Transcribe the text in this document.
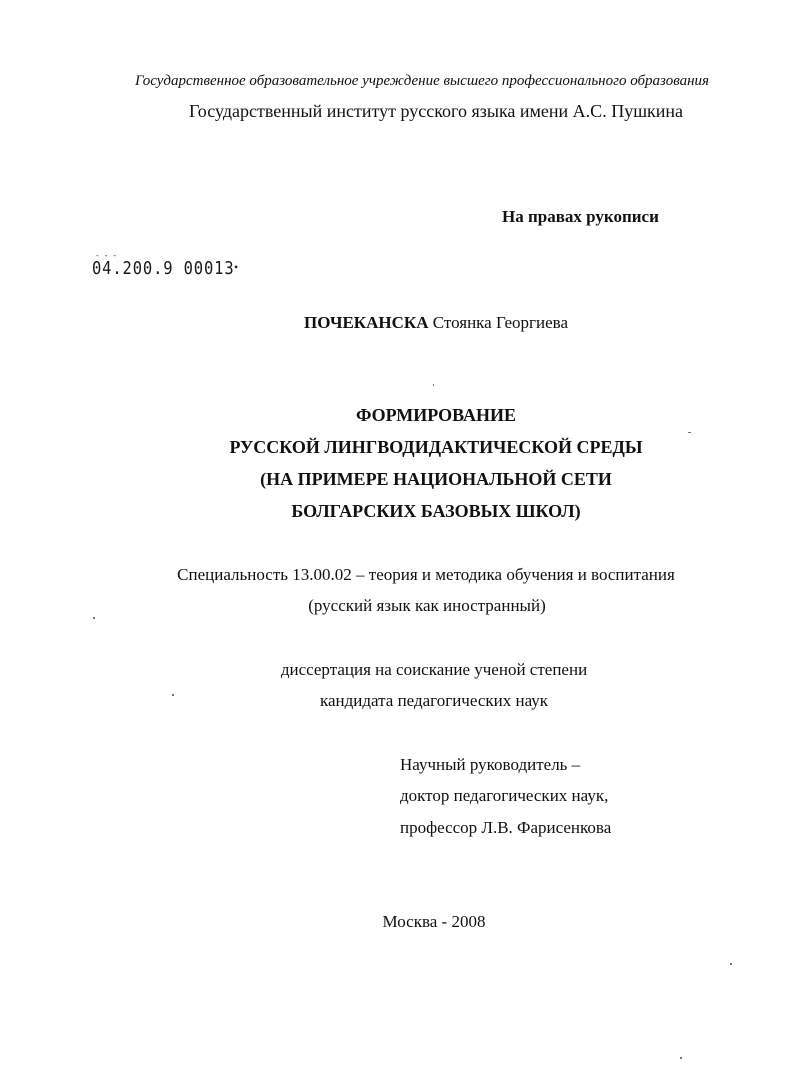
Государственное образовательное учреждение высшего профессионального образования
Государственный институт русского языка имени А.С. Пушкина
На правах рукописи
- - -
04.200.9 00013 •
ПОЧЕКАНСКА Стоянка Георгиева
ФОРМИРОВАНИЕ
РУССКОЙ ЛИНГВОДИДАКТИЧЕСКОЙ СРЕДЫ
(НА ПРИМЕРЕ НАЦИОНАЛЬНОЙ СЕТИ
БОЛГАРСКИХ БАЗОВЫХ ШКОЛ)
Специальность 13.00.02 – теория и методика обучения и воспитания
(русский язык как иностранный)
диссертация на соискание ученой степени
кандидата педагогических наук
Научный руководитель –
доктор педагогических наук,
профессор Л.В. Фарисенкова
Москва - 2008
